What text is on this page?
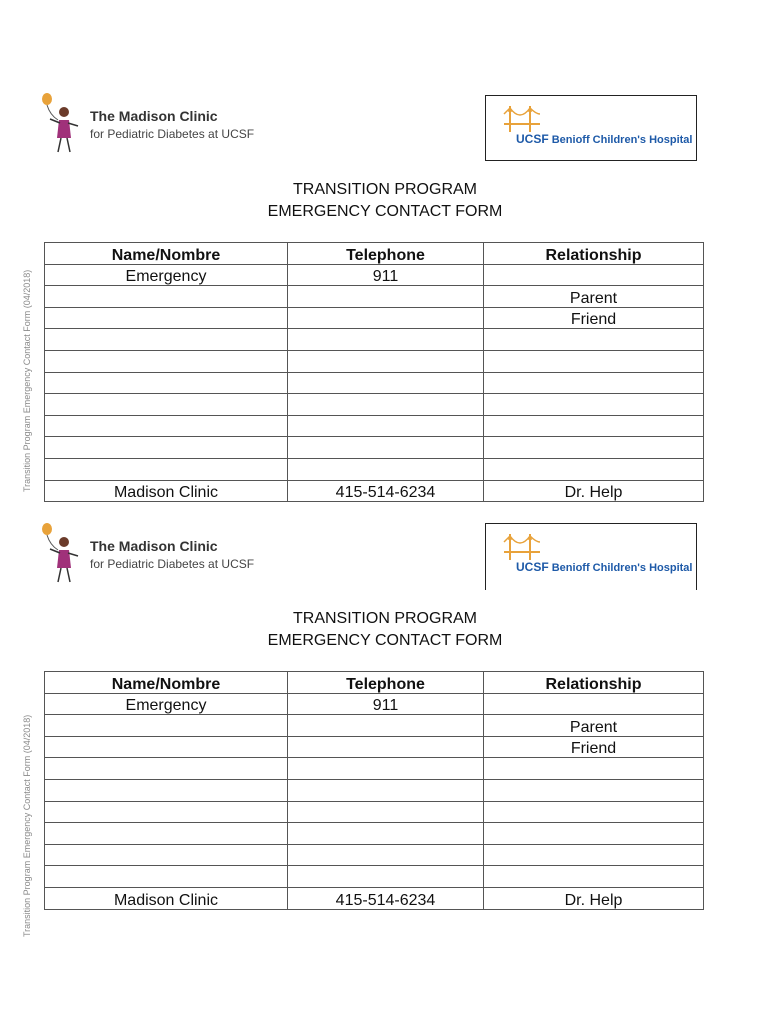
The Madison Clinic
for Pediatric Diabetes at UCSF	UCSF Benioff Children's Hospital
TRANSITION PROGRAM
EMERGENCY CONTACT FORM
Transition Program Emergency Contact Form (04/2018)
Name/Nombre	Telephone	Relationship
Emergency	911	
		Parent
		Friend

Madison Clinic	415-514-6234	Dr. Help
The Madison Clinic
for Pediatric Diabetes at UCSF	UCSF Benioff Children's Hospital
TRANSITION PROGRAM
EMERGENCY CONTACT FORM
Transition Program Emergency Contact Form (04/2018)
Name/Nombre	Telephone	Relationship
Emergency	911	
		Parent
		Friend

Madison Clinic	415-514-6234	Dr. Help
